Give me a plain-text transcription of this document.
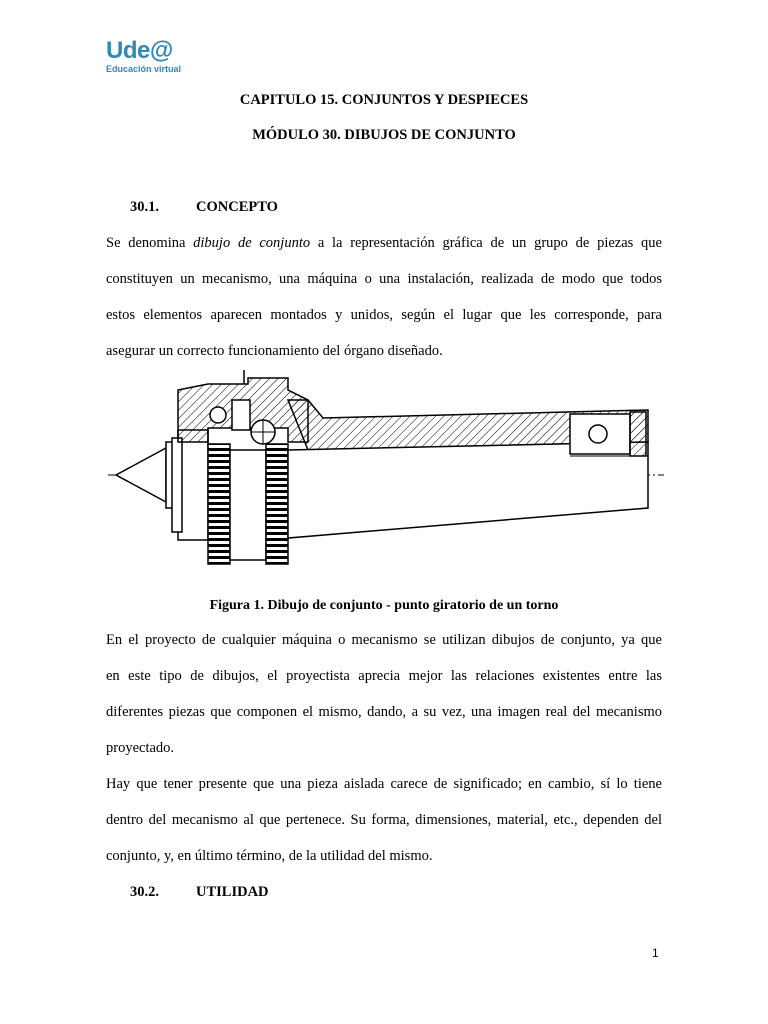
Ude@
Educación virtual
CAPITULO 15. CONJUNTOS Y DESPIECES
MÓDULO 30. DIBUJOS DE CONJUNTO
30.1.	CONCEPTO
Se denomina dibujo de conjunto a la representación gráfica de un grupo de piezas que
constituyen un mecanismo, una máquina o una instalación, realizada de modo que todos
estos elementos aparecen montados y unidos, según el lugar que les corresponde, para
asegurar un correcto funcionamiento del órgano diseñado.
Figura 1. Dibujo de conjunto - punto giratorio de un torno
En el proyecto de cualquier máquina o mecanismo se utilizan dibujos de conjunto, ya que
en este tipo de dibujos, el proyectista aprecia mejor las relaciones existentes entre las
diferentes piezas que componen el mismo, dando, a su vez, una imagen real del mecanismo
proyectado.
Hay que tener presente que una pieza aislada carece de significado; en cambio, sí lo tiene
dentro del mecanismo al que pertenece. Su forma, dimensiones, material, etc., dependen del
conjunto, y, en último término, de la utilidad del mismo.
30.2.	UTILIDAD
1
